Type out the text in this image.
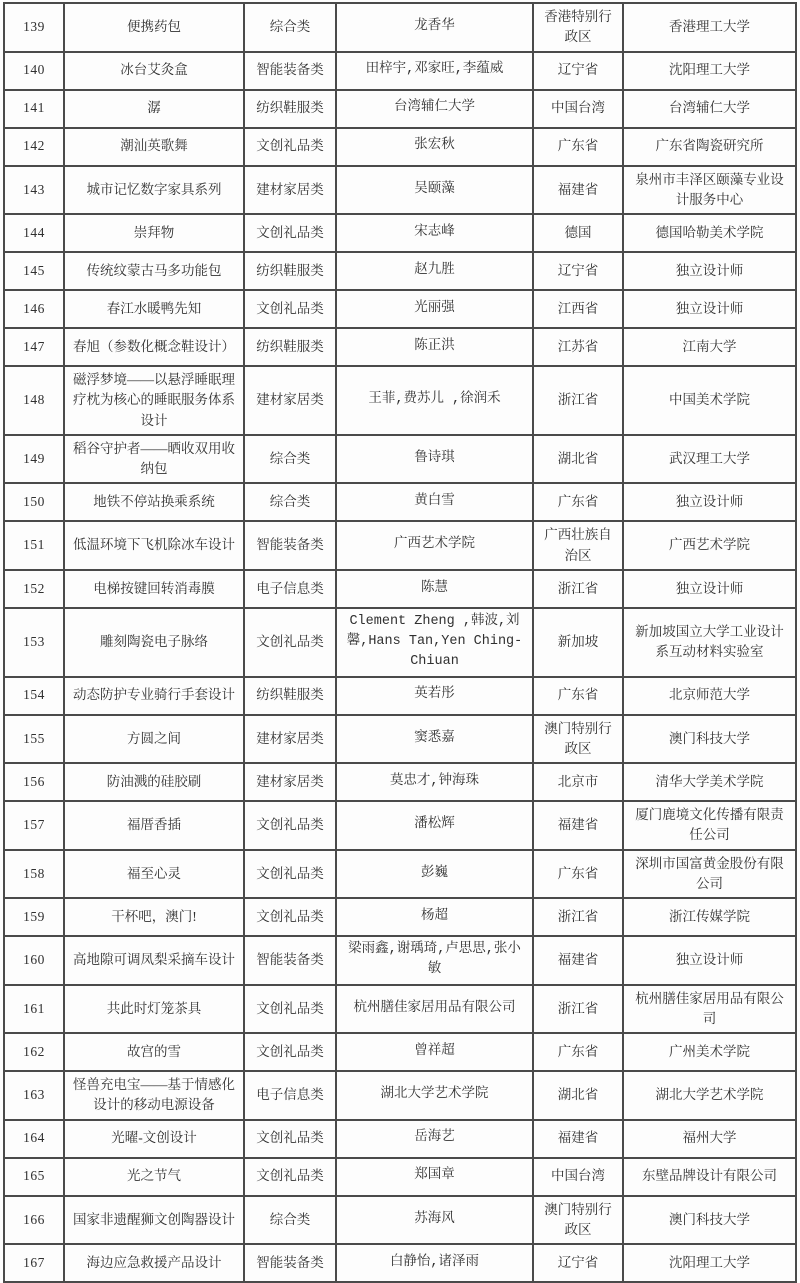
139	便携药包	综合类	龙香华	香港特别行政区	香港理工大学
140	冰台艾灸盒	智能装备类	田梓宇,邓家旺,李蕴威	辽宁省	沈阳理工大学
141	潺	纺织鞋服类	台湾辅仁大学	中国台湾	台湾辅仁大学
142	潮汕英歌舞	文创礼品类	张宏秋	广东省	广东省陶瓷研究所
143	城市记忆数字家具系列	建材家居类	吴颐藻	福建省	泉州市丰泽区颐藻专业设计服务中心
144	崇拜物	文创礼品类	宋志峰	德国	德国哈勒美术学院
145	传统纹蒙古马多功能包	纺织鞋服类	赵九胜	辽宁省	独立设计师
146	春江水暖鸭先知	文创礼品类	光丽强	江西省	独立设计师
147	春旭（参数化概念鞋设计）	纺织鞋服类	陈正洪	江苏省	江南大学
148	磁浮梦境——以悬浮睡眠理疗枕为核心的睡眠服务体系设计	建材家居类	王菲,费苏儿 ,徐润禾	浙江省	中国美术学院
149	稻谷守护者——晒收双用收纳包	综合类	鲁诗琪	湖北省	武汉理工大学
150	地铁不停站换乘系统	综合类	黄白雪	广东省	独立设计师
151	低温环境下飞机除冰车设计	智能装备类	广西艺术学院	广西壮族自治区	广西艺术学院
152	电梯按键回转消毒膜	电子信息类	陈慧	浙江省	独立设计师
153	雕刻陶瓷电子脉络	文创礼品类	Clement Zheng ,韩波,刘馨,Hans Tan,Yen Ching-Chiuan	新加坡	新加坡国立大学工业设计系互动材料实验室
154	动态防护专业骑行手套设计	纺织鞋服类	英若彤	广东省	北京师范大学
155	方圆之间	建材家居类	窦悉嘉	澳门特别行政区	澳门科技大学
156	防油溅的硅胶刷	建材家居类	莫忠才,钟海珠	北京市	清华大学美术学院
157	福厝香插	文创礼品类	潘松辉	福建省	厦门鹿境文化传播有限责任公司
158	福至心灵	文创礼品类	彭巍	广东省	深圳市国富黄金股份有限公司
159	干杯吧，澳门!	文创礼品类	杨超	浙江省	浙江传媒学院
160	高地隙可调凤梨采摘车设计	智能装备类	梁雨鑫,谢瑀琦,卢思思,张小敏	福建省	独立设计师
161	共此时灯笼茶具	文创礼品类	杭州膳佳家居用品有限公司	浙江省	杭州膳佳家居用品有限公司
162	故宫的雪	文创礼品类	曾祥超	广东省	广州美术学院
163	怪兽充电宝——基于情感化设计的移动电源设备	电子信息类	湖北大学艺术学院	湖北省	湖北大学艺术学院
164	光曜-文创设计	文创礼品类	岳海艺	福建省	福州大学
165	光之节气	文创礼品类	郑国章	中国台湾	东壁品牌设计有限公司
166	国家非遗醒狮文创陶器设计	综合类	苏海风	澳门特别行政区	澳门科技大学
167	海边应急救援产品设计	智能装备类	白静怡,诸泽雨	辽宁省	沈阳理工大学
